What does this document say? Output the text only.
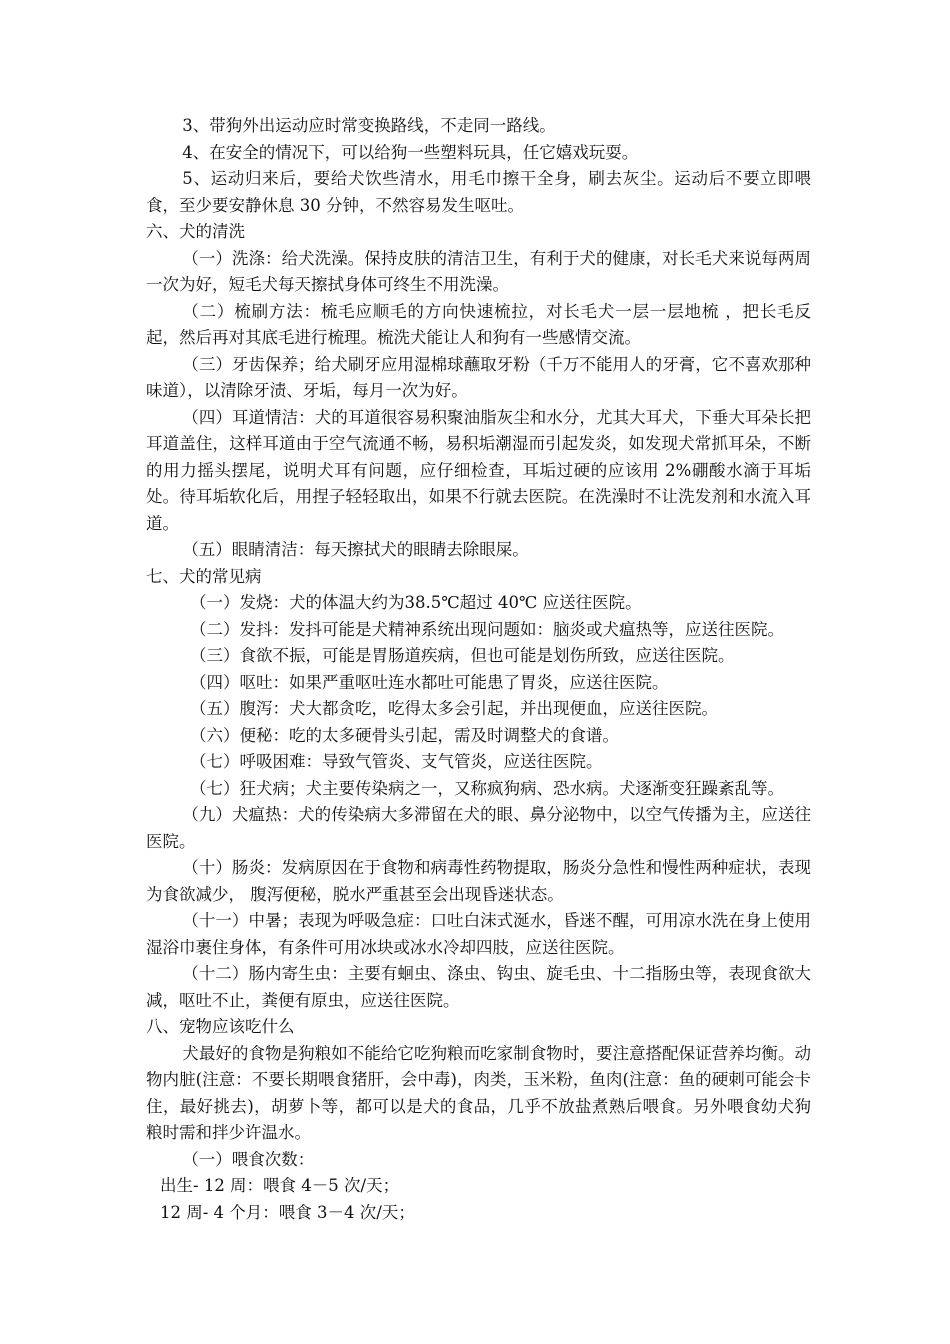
3、带狗外出运动应时常变换路线，不走同一路线。

4、在安全的情况下，可以给狗一些塑料玩具，任它嬉戏玩耍。

5、运动归来后，要给犬饮些清水，用毛巾擦干全身，刷去灰尘。运动后不要立即喂食，至少要安静休息 30 分钟，不然容易发生呕吐。

六、犬的清洗

（一）洗涤：给犬洗澡。保持皮肤的清洁卫生，有利于犬的健康，对长毛犬来说每两周一次为好，短毛犬每天擦拭身体可终生不用洗澡。

（二）梳刷方法：梳毛应顺毛的方向快速梳拉，对长毛犬一层一层地梳 ，把长毛反起，然后再对其底毛进行梳理。梳洗犬能让人和狗有一些感情交流。

（三）牙齿保养；给犬刷牙应用湿棉球蘸取牙粉（千万不能用人的牙膏，它不喜欢那种味道），以清除牙渍、牙垢，每月一次为好。

（四）耳道情洁：犬的耳道很容易积聚油脂灰尘和水分，尤其大耳犬，下垂大耳朵长把耳道盖住，这样耳道由于空气流通不畅，易积垢潮湿而引起发炎，如发现犬常抓耳朵，不断的用力摇头摆尾，说明犬耳有问题，应仔细检查，耳垢过硬的应该用 2%硼酸水滴于耳垢处。待耳垢软化后，用捏子轻轻取出，如果不行就去医院。在洗澡时不让洗发剂和水流入耳道。

（五）眼睛清洁：每天擦拭犬的眼睛去除眼屎。

七、犬的常见病

（一）发烧：犬的体温大约为38.5℃超过 40℃ 应送往医院。

（二）发抖：发抖可能是犬精神系统出现问题如：脑炎或犬瘟热等，应送往医院。

（三）食欲不振，可能是胃肠道疾病，但也可能是划伤所致，应送往医院。

（四）呕吐：如果严重呕吐连水都吐可能患了胃炎，应送往医院。

（五）腹泻：犬大都贪吃，吃得太多会引起，并出现便血，应送往医院。

（六）便秘：吃的太多硬骨头引起，需及时调整犬的食谱。

（七）呼吸困难：导致气管炎、支气管炎，应送往医院。

（七）狂犬病；犬主要传染病之一，又称疯狗病、恐水病。犬逐渐变狂躁紊乱等。

（九）犬瘟热：犬的传染病大多滞留在犬的眼、鼻分泌物中，以空气传播为主，应送往医院。

（十）肠炎：发病原因在于食物和病毒性药物提取，肠炎分急性和慢性两种症状，表现为食欲减少， 腹泻便秘，脱水严重甚至会出现昏迷状态。

（十一）中暑；表现为呼吸急症：口吐白沫式涎水，昏迷不醒，可用凉水洗在身上使用湿浴巾裹住身体，有条件可用冰块或冰水冷却四肢，应送往医院。

（十二）肠内寄生虫：主要有蛔虫、涤虫、钩虫、旋毛虫、十二指肠虫等，表现食欲大减，呕吐不止，粪便有原虫，应送往医院。

八、宠物应该吃什么

犬最好的食物是狗粮如不能给它吃狗粮而吃家制食物时，要注意搭配保证营养均衡。动物内脏(注意：不要长期喂食猪肝，会中毒)，肉类，玉米粉，鱼肉(注意：鱼的硬刺可能会卡住，最好挑去)，胡萝卜等，都可以是犬的食品，几乎不放盐煮熟后喂食。另外喂食幼犬狗粮时需和拌少许温水。

（一）喂食次数：

出生- 12 周：喂食 4－5 次/天；

12 周- 4 个月：喂食 3－4 次/天；
